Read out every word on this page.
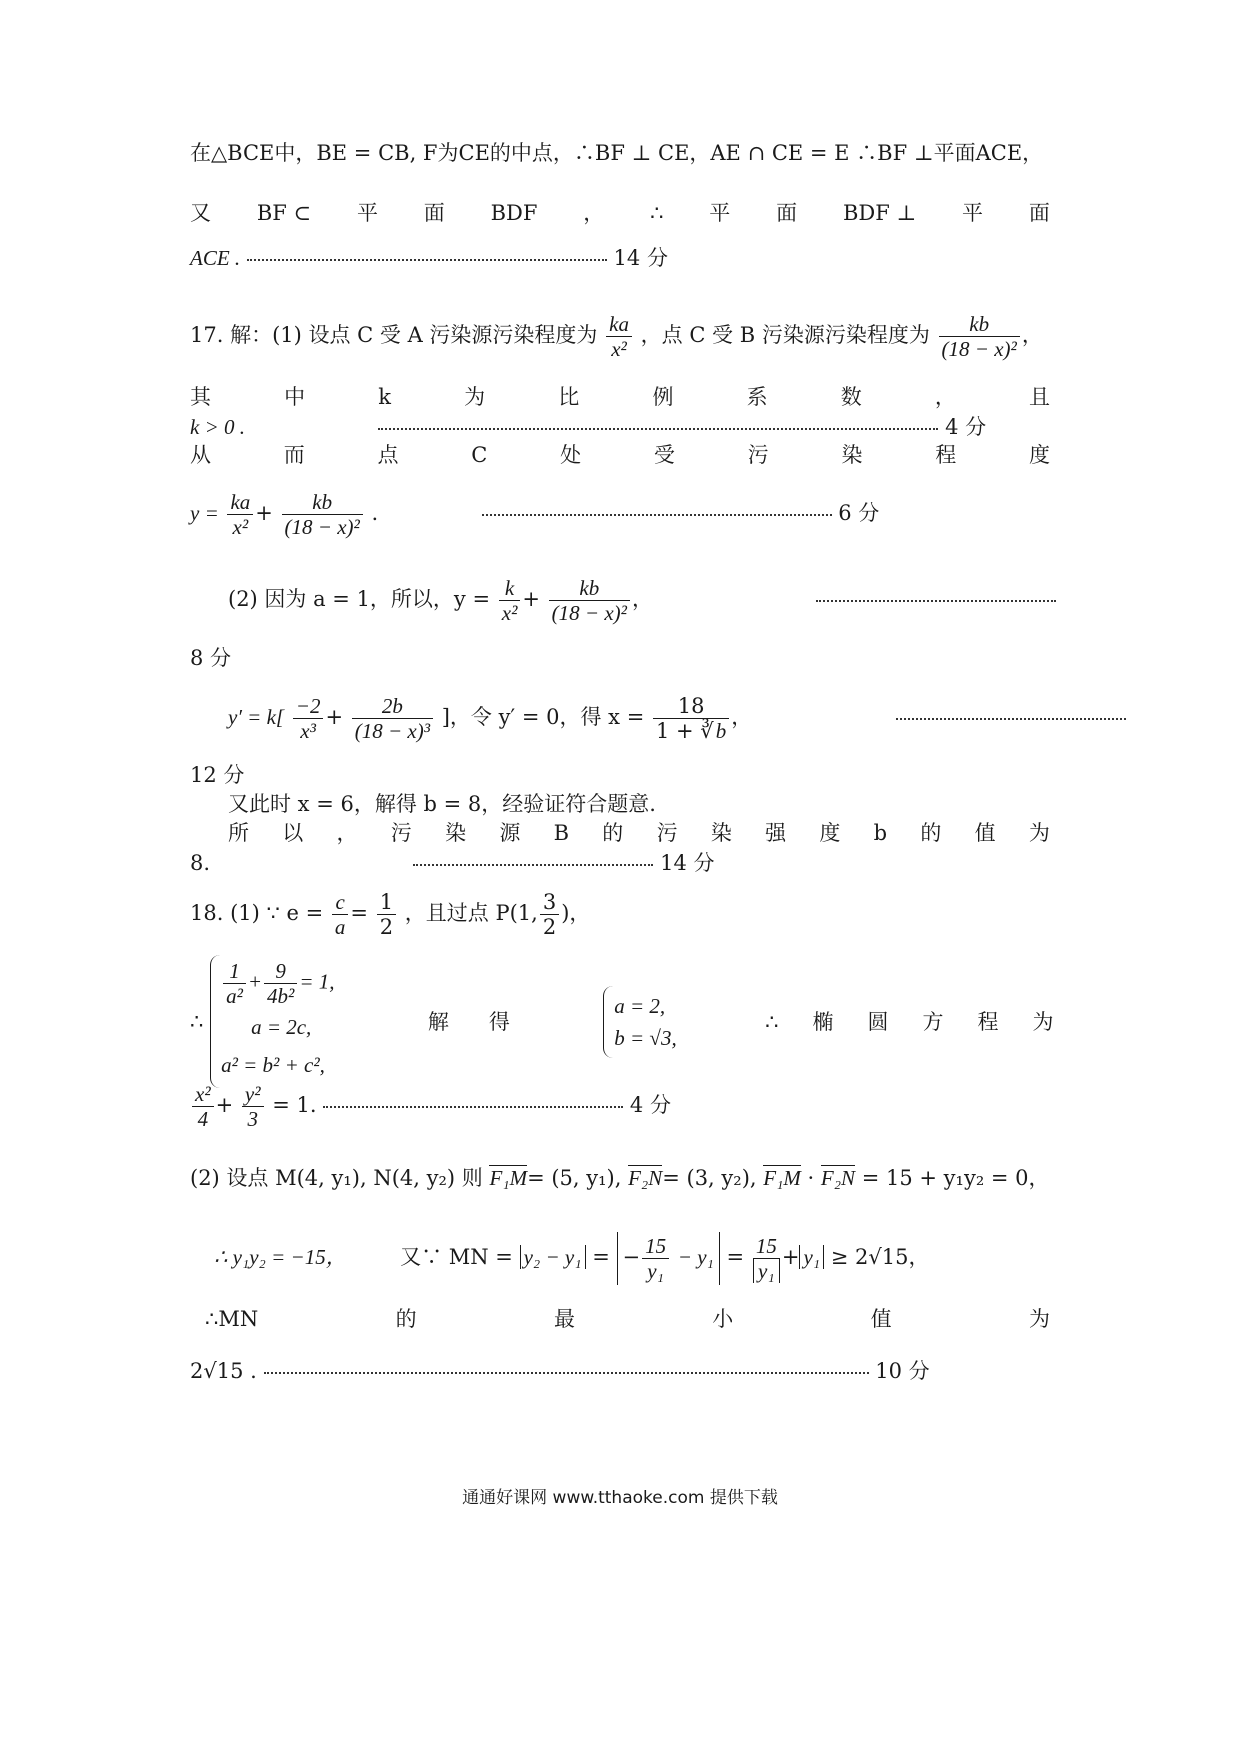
在△BCE中，BE = CB, F为CE的中点，∴BF ⊥ CE，AE ∩ CE = E ∴BF ⊥平面ACE，
又 BF ⊂ 平 面 BDF ， ∴ 平 面 BDF ⊥ 平 面
ACE .	14 分
17. 解：(1) 设点 C 受 A 污染源污染程度为 $\frac{ka}{\text{x²}}$ ，点 C 受 B 污染源污染程度为 $\frac{kb}{\text{(18 − x)²}}$ ，
其	中	k	为	比	例	系	数	，	且
k > 0 .	4 分
从	而	点	C	处	受	污	染	程	度
$y = \frac{ka}{\text{x²}} + \frac{kb}{\text{(18 − x)²}}$ .	6 分
(2) 因为 a = 1，所以，$y = \frac{k}{\text{x²}} + \frac{kb}{\text{(18 − x)²}}$ ，
8 分
$y' = k[ \frac{-2}{\text{x³}} + \frac{2b}{\text{(18 − x)³}}$ ]，令 y′ = 0，得 $x = \frac{18}{1 + ∛b}$ ，
12 分
又此时 x = 6，解得 b = 8，经验证符合题意.
所 以 ， 污 染 源 B 的 污 染 强 度 b 的 值 为
8.	14 分
18. (1) ∵ $e = \frac{c}{a} = \frac{1}{2}$ ，且过点 P(1, $\frac{3}{2}$ )，
∴
$\frac{1}{\text{a²}} + \frac{9}{\text{4b²}} = 1$,
a = 2c,
a² = b² + c²,  解 得  a = 2,
b = √3,  ∴ 椭 圆 方 程 为
$\frac{\text{x²}}{4} + \frac{\text{y²}}{3} = 1$.	4 分
(2) 设点 M(4, y₁), N(4, y₂) 则 F₁M= (5, y₁), F₂N= (3, y₂), F₁M · F₂N = 15 + y₁y₂ = 0，
∴ y₁y₂ = −15，	又∵ MN = y₂ − y₁ = − $\frac{15}{\text{y₁}} - y_1 = \frac{15}{\text{y₁}} + y_1 \ge 2√15$，
∴MN	的	最	小	值	为
2√15 .	10 分
通通好课网 www.tthaoke.com 提供下载
